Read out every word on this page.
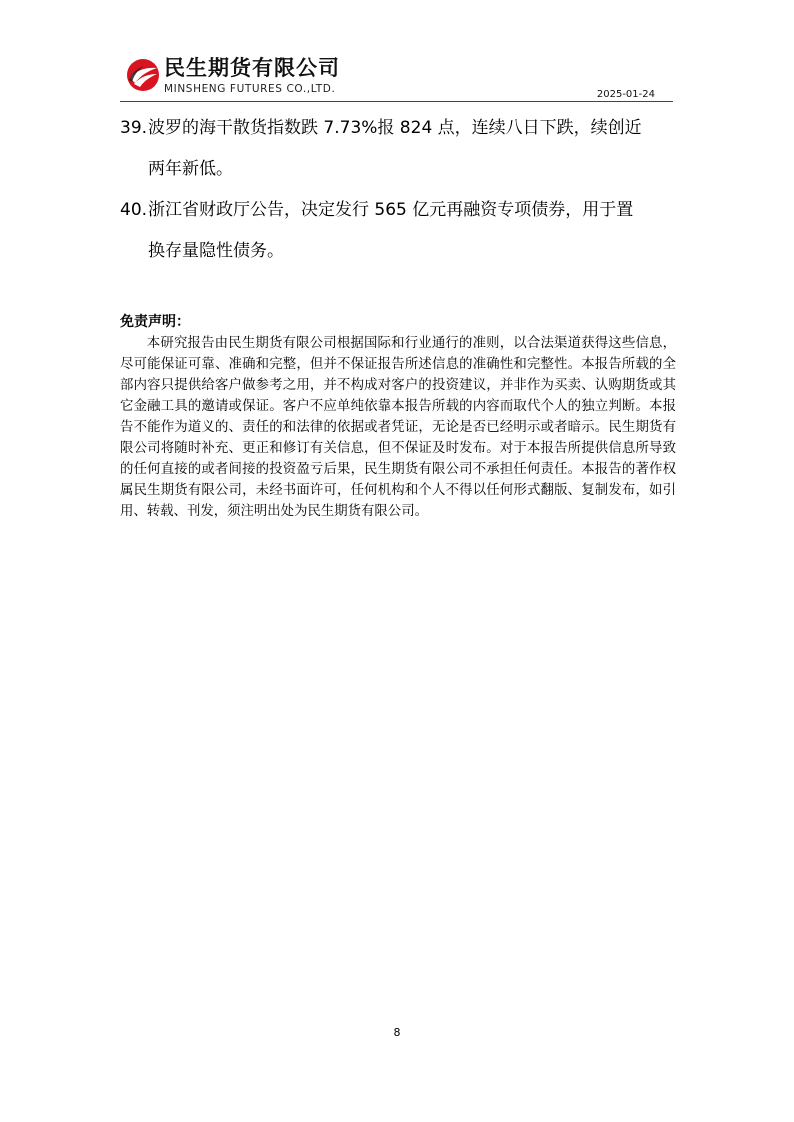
民生期货有限公司
MINSHENG FUTURES CO.,LTD.	2025-01-24

39.波罗的海干散货指数跌 7.73%报 824 点，连续八日下跌，续创近
两年新低。

40.浙江省财政厅公告，决定发行 565 亿元再融资专项债券，用于置
换存量隐性债务。

免责声明：

本研究报告由民生期货有限公司根据国际和行业通行的准则，以合法渠道获得这些信息，尽可能保证可靠、准确和完整，但并不保证报告所述信息的准确性和完整性。本报告所载的全部内容只提供给客户做参考之用，并不构成对客户的投资建议，并非作为买卖、认购期货或其它金融工具的邀请或保证。客户不应单纯依靠本报告所载的内容而取代个人的独立判断。本报告不能作为道义的、责任的和法律的依据或者凭证，无论是否已经明示或者暗示。民生期货有限公司将随时补充、更正和修订有关信息，但不保证及时发布。对于本报告所提供信息所导致的任何直接的或者间接的投资盈亏后果，民生期货有限公司不承担任何责任。本报告的著作权属民生期货有限公司，未经书面许可，任何机构和个人不得以任何形式翻版、复制发布，如引用、转载、刊发，须注明出处为民生期货有限公司。

8
